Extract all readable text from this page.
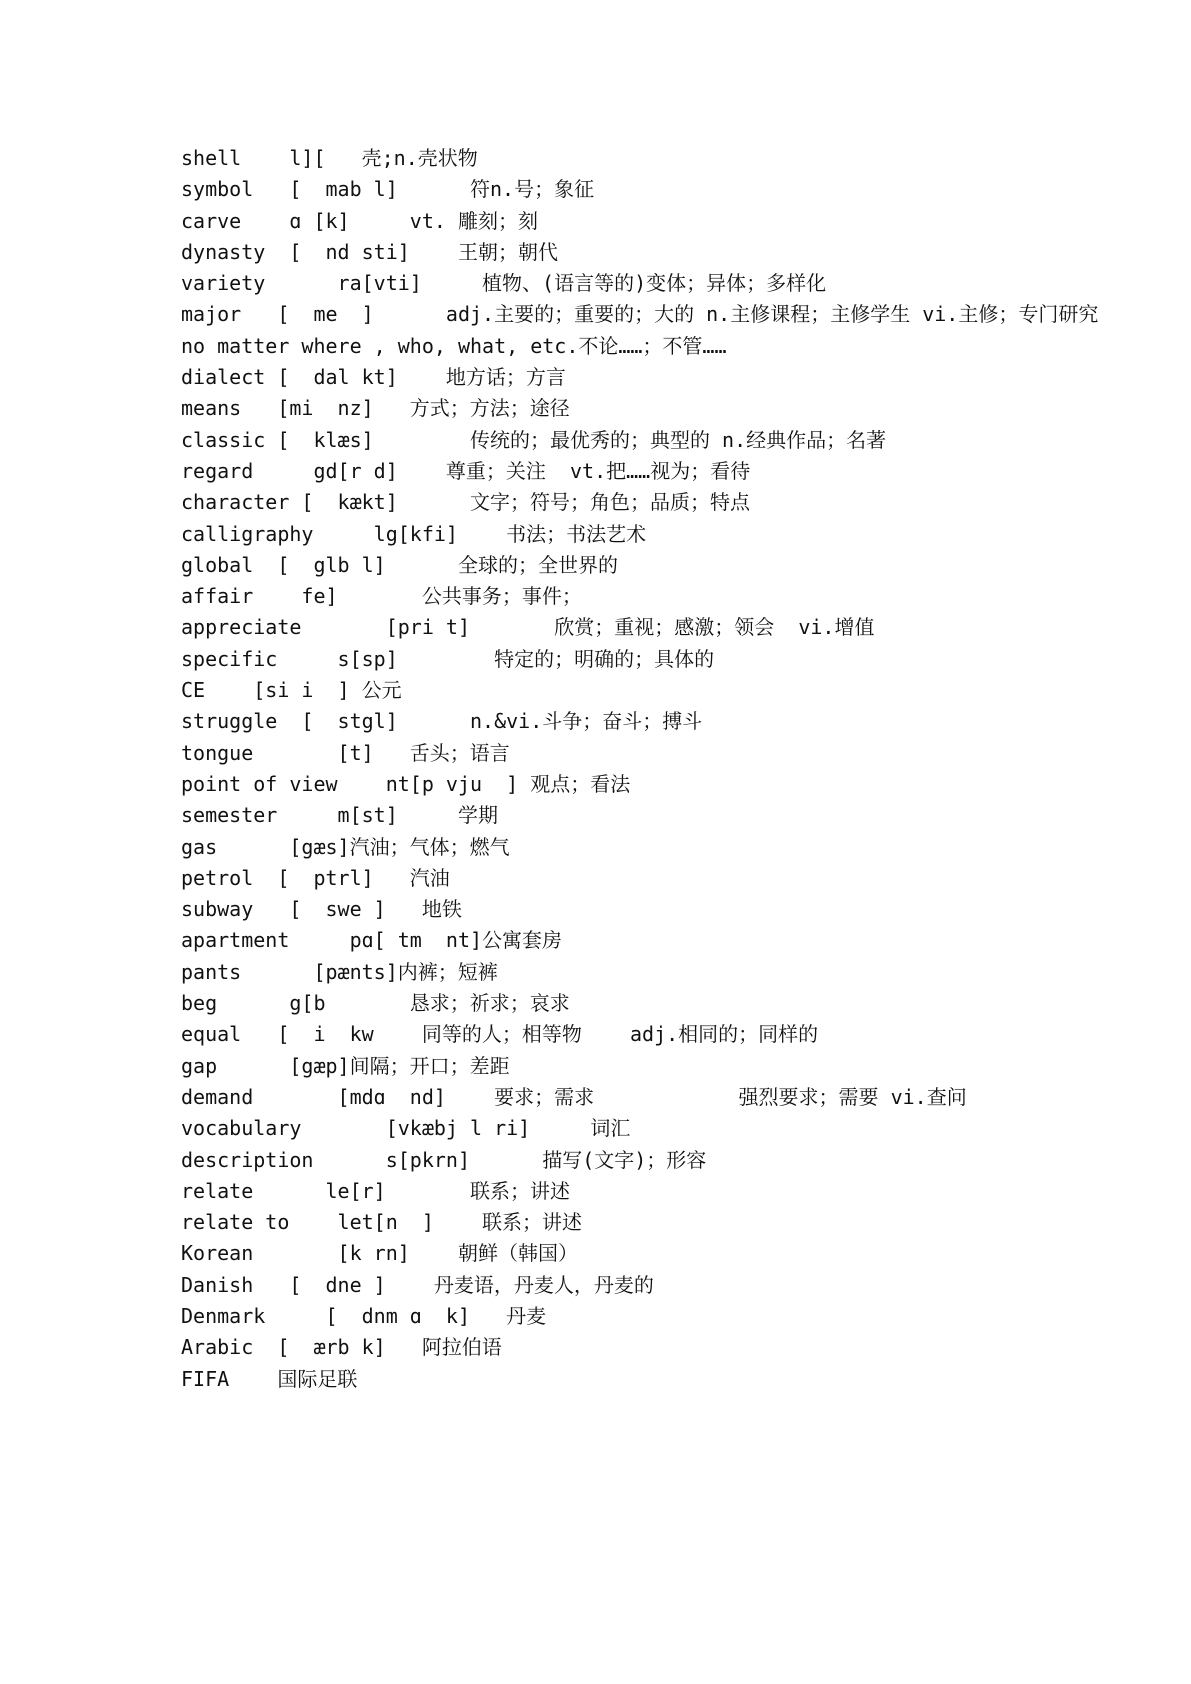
shell    l][   壳;n.壳状物
symbol   [  mab l]      符n.号；象征
carve    ɑ [k]     vt. 雕刻；刻
dynasty  [  nd sti]    王朝；朝代
variety      ra[vti]     植物、(语言等的)变体；异体；多样化
major   [  me  ]      adj.主要的；重要的；大的 n.主修课程；主修学生 vi.主修；专门研究
no matter where , who, what, etc.不论……；不管……
dialect [  dal kt]    地方话；方言
means   [mi  nz]   方式；方法；途径
classic [  klæs]        传统的；最优秀的；典型的 n.经典作品；名著
regard     gd[r d]    尊重；关注  vt.把……视为；看待
character [  kækt]      文字；符号；角色；品质；特点
calligraphy     lg[kfi]    书法；书法艺术
global  [  glb l]      全球的；全世界的
affair    fe]       公共事务；事件；
appreciate       [pri t]       欣赏；重视；感激；领会  vi.增值
specific     s[sp]        特定的；明确的；具体的
CE    [si i  ] 公元
struggle  [  stgl]      n.&vi.斗争；奋斗；搏斗
tongue       [t]   舌头；语言
point of view    nt[p vju  ] 观点；看法
semester     m[st]     学期
gas      [gæs]汽油；气体；燃气
petrol  [  ptrl]   汽油
subway   [  swe ]   地铁
apartment     pɑ[ tm  nt]公寓套房
pants      [pænts]内裤；短裤
beg      g[b       恳求；祈求；哀求
equal   [  i  kw    同等的人；相等物    adj.相同的；同样的
gap      [gæp]间隔；开口；差距
demand       [mdɑ  nd]    要求；需求            强烈要求；需要 vi.查问
vocabulary       [vkæbj l ri]     词汇
description      s[pkrn]      描写(文字)；形容
relate      le[r]       联系；讲述
relate to    let[n  ]    联系；讲述
Korean       [k rn]    朝鲜（韩国）
Danish   [  dne ]    丹麦语，丹麦人，丹麦的
Denmark     [  dnm ɑ  k]   丹麦
Arabic  [  ærb k]   阿拉伯语
FIFA    国际足联
